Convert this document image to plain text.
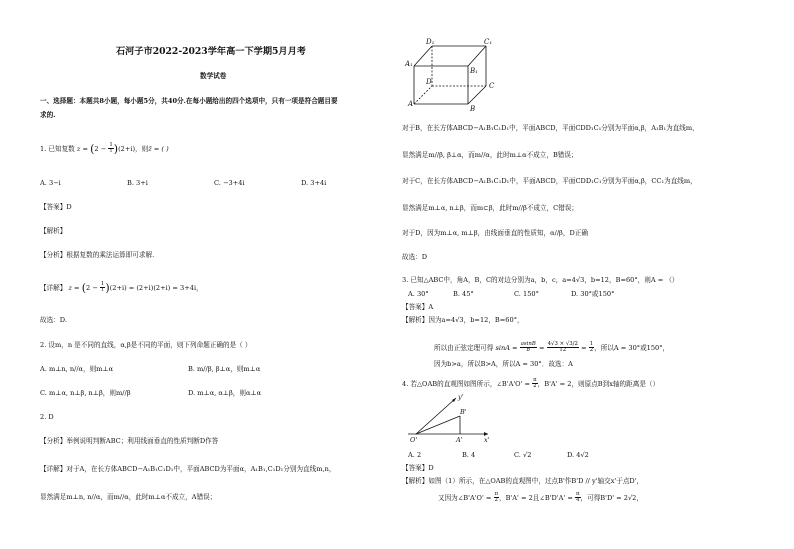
石河子市2022-2023学年高一下学期5月月考
数学试卷
一、选择题：本题共8小题，每小题5分，共40分.在每小题给出的四个选项中，只有一项是符合题目要
求的.
1. 已知复数 $z = (2 - \frac{1}{i} )(2+i)$，则z̄ = ( )
A. 3−i	B. 3+i	C. −3+4i	D. 3+4i
【答案】D
【解析】
【分析】根据复数的乘法运算即可求解.
【详解】 $z = (2 - \frac{1}{i} )(2+i) = (2+i)(2+i) = 3+4i$，
故选：D.
2. 设m，n 是不同的直线，α,β是不同的平面，则下列命题正确的是（ ）
A. m⊥n, n//α，则m⊥α	B. m//β, β⊥α，则m⊥α
C. m⊥α, n⊥β, n⊥β，则m//β	D. m⊥α, α⊥β，则α⊥α
2. D
【分析】举例说明判断ABC；利用线面垂直的性质判断D作答
【详解】对于A，在长方体ABCD−A₁B₁C₁D₁中，平面ABCD为平面α，A₁B₁,C₁D₁分别为直线m,n，
显然满足m⊥n, n//α，而m//α，此时m⊥α不成立，A错误；
D₁	C₁
A₁
B₁
D	C
A
B
对于B，在长方体ABCD−A₁B₁C₁D₁中，平面ABCD，平面CDD₁C₁分别为平面α,β，A₁B₁为直线m，
显然满足m//β, β⊥α，而m//α，此时m⊥α不成立，B错误；
对于C，在长方体ABCD−A₁B₁C₁D₁中，平面ABCD，平面CDD₁C₁分别为平面α,β，CC₁为直线m，
显然满足m⊥α, n⊥β，而m⊂β，此时m//β不成立，C错误；
对于D，因为m⊥α, m⊥β，由线面垂直的性质知，α//β，D正确
故选：D
3. 已知△ABC中，角A，B，C的对边分别为a，b，c，a=4√3，b=12，B=60°，则A = （）
A. 30°	B. 45°	C. 150°	D. 30°或150°
【答案】A
【解析】因为a=4√3，b=12，B=60°，
所以由正弦定理可得 $\sin A = \frac{asinB}{b} = \frac{4√3 \times √3/2}{12} = \frac{1}{2}$ ，所以A = 30°或150°，
因为b>a，所以B>A，所以A = 30°．故选：A
4. 若△OAB的直观图如图所示，∠B'A'O' = $\frac{\pi}{2}$ ，B'A' = 2，则原点B到x轴的距离是（）
y'
x'
O'	A'
B'
A. 2	B. 4	C. √2	D. 4√2
【答案】D
【解析】如图（1）所示，在△OAB的直观图中，过点B'作B'D // y'轴交x'于点D'，
又因为∠B'A'O' = $\frac{\pi}{2}$ ，B'A' = 2且∠B'D'A' = $\frac{\pi}{4}$ ，可得B'D' = 2√2，
